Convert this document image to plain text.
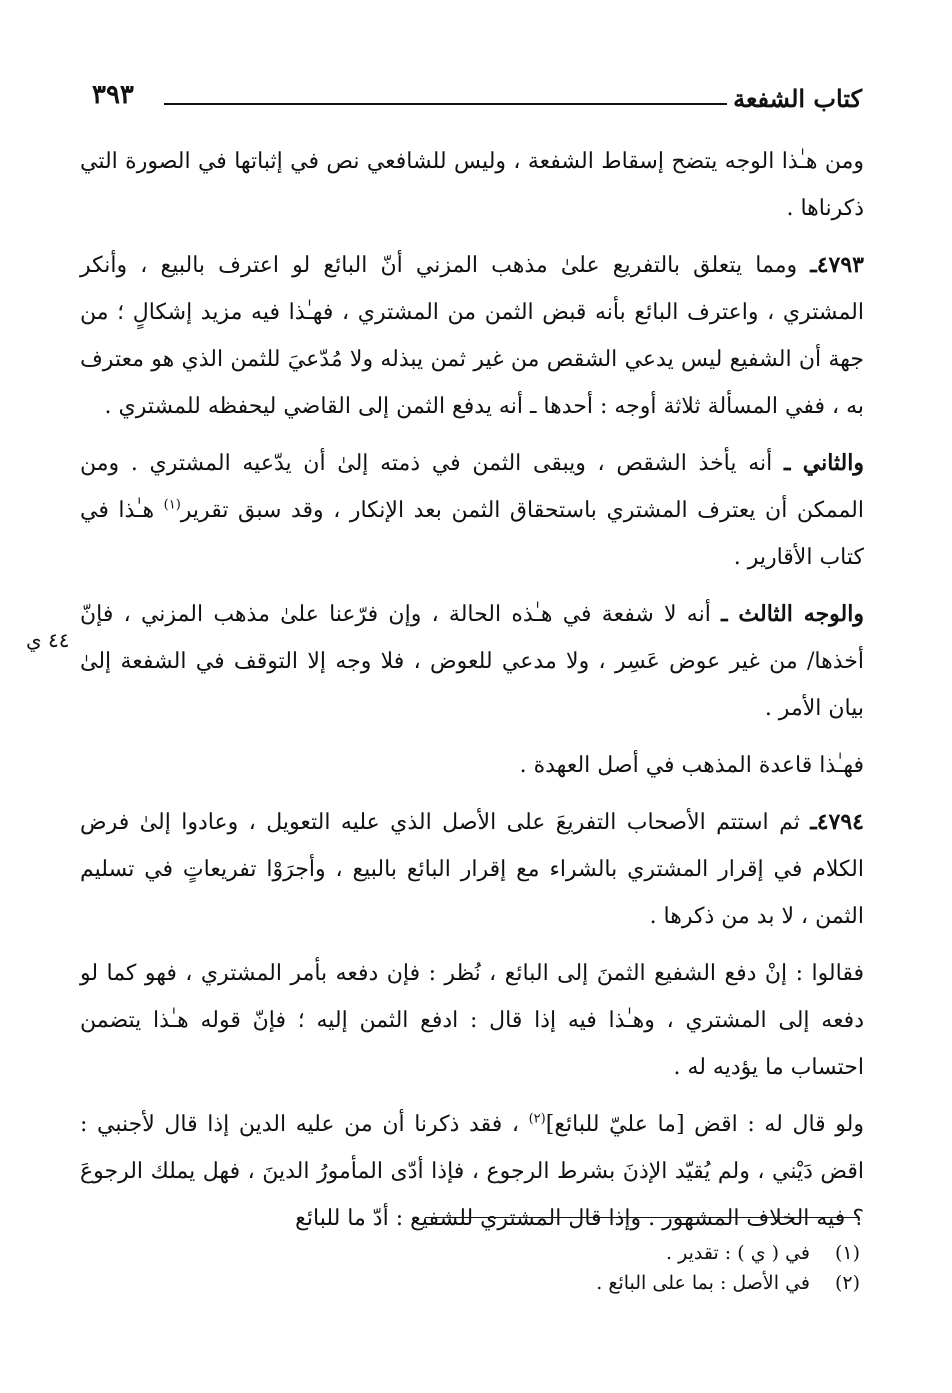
كتاب الشفعة
٣٩٣
٤٤ ي

ومن هـٰذا الوجه يتضح إسقاط الشفعة ، وليس للشافعي نص في إثباتها في الصورة التي ذكرناها .

٤٧٩٣ـ ومما يتعلق بالتفريع علىٰ مذهب المزني أنّ البائع لو اعترف بالبيع ، وأنكر المشتري ، واعترف البائع بأنه قبض الثمن من المشتري ، فهـٰذا فيه مزيد إشكالٍ ؛ من جهة أن الشفيع ليس يدعي الشقص من غير ثمن يبذله ولا مُدّعيَ للثمن الذي هو معترف به ، ففي المسألة ثلاثة أوجه : أحدها ـ أنه يدفع الثمن إلى القاضي ليحفظه للمشتري .

والثاني ـ أنه يأخذ الشقص ، ويبقى الثمن في ذمته إلىٰ أن يدّعيه المشتري . ومن الممكن أن يعترف المشتري باستحقاق الثمن بعد الإنكار ، وقد سبق تقرير$^{(١)}$ هـٰذا في كتاب الأقارير .

والوجه الثالث ـ أنه لا شفعة في هـٰذه الحالة ، وإن فرّعنا علىٰ مذهب المزني ، فإنّ أخذها/ من غير عوض عَسِر ، ولا مدعي للعوض ، فلا وجه إلا التوقف في الشفعة إلىٰ بيان الأمر .

فهـٰذا قاعدة المذهب في أصل العهدة .

٤٧٩٤ـ ثم استتم الأصحاب التفريعَ على الأصل الذي عليه التعويل ، وعادوا إلىٰ فرض الكلام في إقرار المشتري بالشراء مع إقرار البائع بالبيع ، وأجرَوْا تفريعاتٍ في تسليم الثمن ، لا بد من ذكرها .

فقالوا : إنْ دفع الشفيع الثمنَ إلى البائع ، نُظر : فإن دفعه بأمر المشتري ، فهو كما لو دفعه إلى المشتري ، وهـٰذا فيه إذا قال : ادفع الثمن إليه ؛ فإنّ قوله هـٰذا يتضمن احتساب ما يؤديه له .

ولو قال له : اقض [ما عليّ للبائع]$^{(٢)}$ ، فقد ذكرنا أن من عليه الدين إذا قال لأجنبي : اقض دَيْني ، ولم يُقيّد الإذنَ بشرط الرجوع ، فإذا أدّى المأمورُ الدينَ ، فهل يملك الرجوعَ ؟ فيه الخلاف المشهور . وإذا قال المشتري للشفيع : أدّ ما للبائع

(١)في ( ي ) : تقدير .
(٢)في الأصل : بما على البائع .
